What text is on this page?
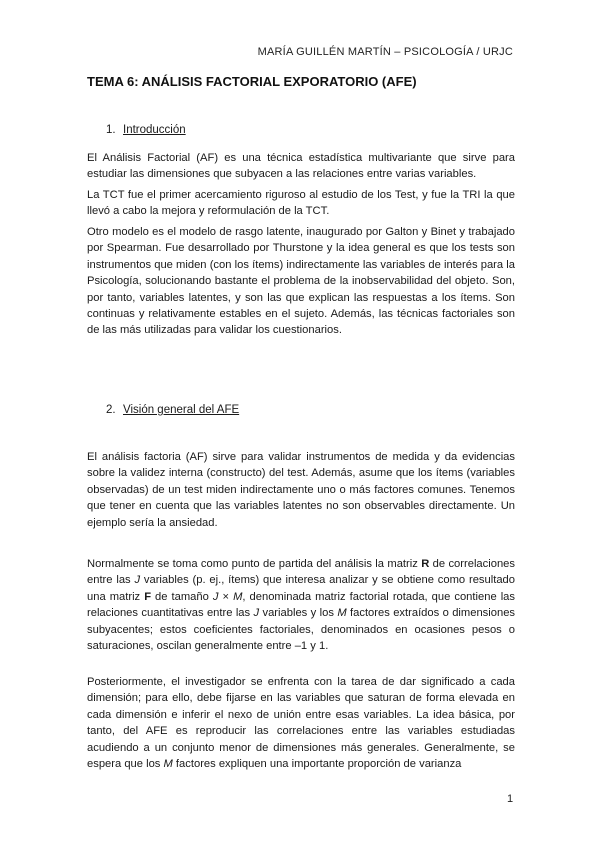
MARÍA GUILLÉN MARTÍN – PSICOLOGÍA / URJC
TEMA 6: ANÁLISIS FACTORIAL EXPORATORIO (AFE)
1. Introducción

El Análisis Factorial (AF) es una técnica estadística multivariante que sirve para estudiar las dimensiones que subyacen a las relaciones entre varias variables.

La TCT fue el primer acercamiento riguroso al estudio de los Test, y fue la TRI la que llevó a cabo la mejora y reformulación de la TCT.

Otro modelo es el modelo de rasgo latente, inaugurado por Galton y Binet y trabajado por Spearman. Fue desarrollado por Thurstone y la idea general es que los tests son instrumentos que miden (con los ítems) indirectamente las variables de interés para la Psicología, solucionando bastante el problema de la inobservabilidad del objeto. Son, por tanto, variables latentes, y son las que explican las respuestas a los ítems. Son continuas y relativamente estables en el sujeto. Además, las técnicas factoriales son de las más utilizadas para validar los cuestionarios.

2. Visión general del AFE

El análisis factoria (AF) sirve para validar instrumentos de medida y da evidencias sobre la validez interna (constructo) del test. Además, asume que los ítems (variables observadas) de un test miden indirectamente uno o más factores comunes. Tenemos que tener en cuenta que las variables latentes no son observables directamente. Un ejemplo sería la ansiedad.

Normalmente se toma como punto de partida del análisis la matriz R de correlaciones entre las J variables (p. ej., ítems) que interesa analizar y se obtiene como resultado una matriz F de tamaño J × M, denominada matriz factorial rotada, que contiene las relaciones cuantitativas entre las J variables y los M factores extraídos o dimensiones subyacentes; estos coeficientes factoriales, denominados en ocasiones pesos o saturaciones, oscilan generalmente entre –1 y 1.

Posteriormente, el investigador se enfrenta con la tarea de dar significado a cada dimensión; para ello, debe fijarse en las variables que saturan de forma elevada en cada dimensión e inferir el nexo de unión entre esas variables. La idea básica, por tanto, del AFE es reproducir las correlaciones entre las variables estudiadas acudiendo a un conjunto menor de dimensiones más generales. Generalmente, se espera que los M factores expliquen una importante proporción de varianza

1
